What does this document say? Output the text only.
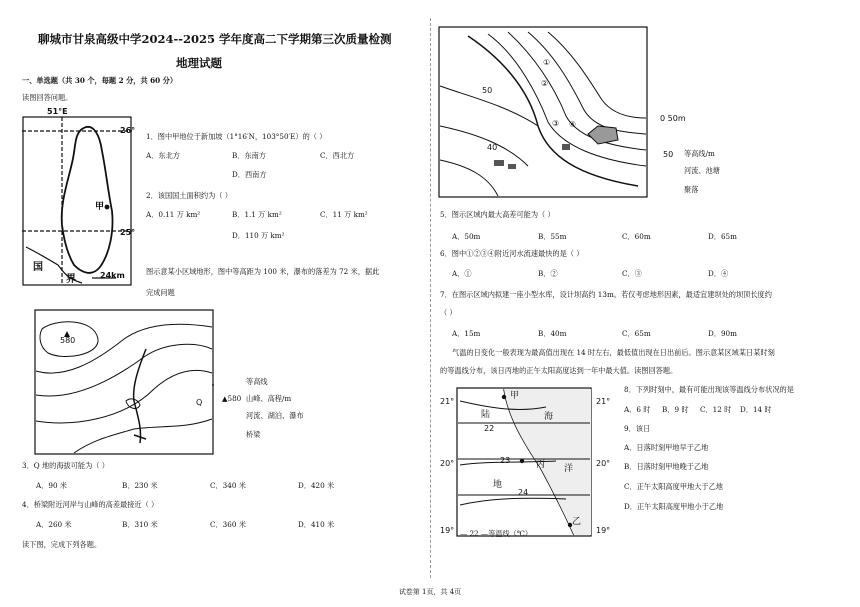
聊城市甘泉高级中学2024--2025 学年度高二下学期第三次质量检测
地理试题
一、单选题（共 30 个，每题 2 分，共 60 分）
读图回答问题。
51°E
26°
25°
甲
国
界	24km
1．图中甲地位于新加坡（1°16′N，103°50′E）的（ ）
A．东北方	B．东南方	C．西北方
D．西南方
2．该国国土面积约为（ ）
A．0.11 万 km²	B．1.1 万 km²	C．11 万 km²
D．110 万 km²
图示意某小区域地形，图中等高距为 100 米，瀑布的落差为 72 米，据此
完成问题
580
Q
等高线
▲580 山峰、高程/m
河流、湖泊、瀑布
桥梁
3．Q 地的海拔可能为（ ）
A．90 米	B．230 米	C．340 米	D．420 米
4．桥梁附近河岸与山峰的高差最接近（ ）
A．260 米	B．310 米	C．360 米	D．410 米
读下图，完成下列各题。
50
40
①
②
③ ④
0 50m
50 等高线/m
河流、池塘
聚落
5．图示区域内最大高差可能为（ ）
A．50m	B．55m	C．60m	D．65m
6．图中①②③④附近河水流速最快的是（ ）
A．①	B．②	C．③	D．④
7．在图示区域内拟建一座小型水库，设计坝高约 13m。若仅考虑地形因素，最适宜建坝处的坝顶长度约
（ ）
A．15m	B．40m	C．65m	D．90m
气温的日变化一般表现为最高值出现在 14 时左右，最低值出现在日出前后。图示意某区域某日某时刻
的等温线分布，该日丙地的正午太阳高度达到一年中最大值。读图回答题。
21°	21°
20°	20°
19°	19°
甲
丙
乙
陆
地
海
洋
22
23
24
— 22 —等温线（℃）
8．下列时刻中，最有可能出现该等温线分布状况的是
A．6 时 B．9 时 C．12 时 D．14 时
9．该日
A．日落时刻甲地早于乙地
B．日落时刻甲地晚于乙地
C．正午太阳高度甲地大于乙地
D．正午太阳高度甲地小于乙地
试卷第 1页，共 4页
